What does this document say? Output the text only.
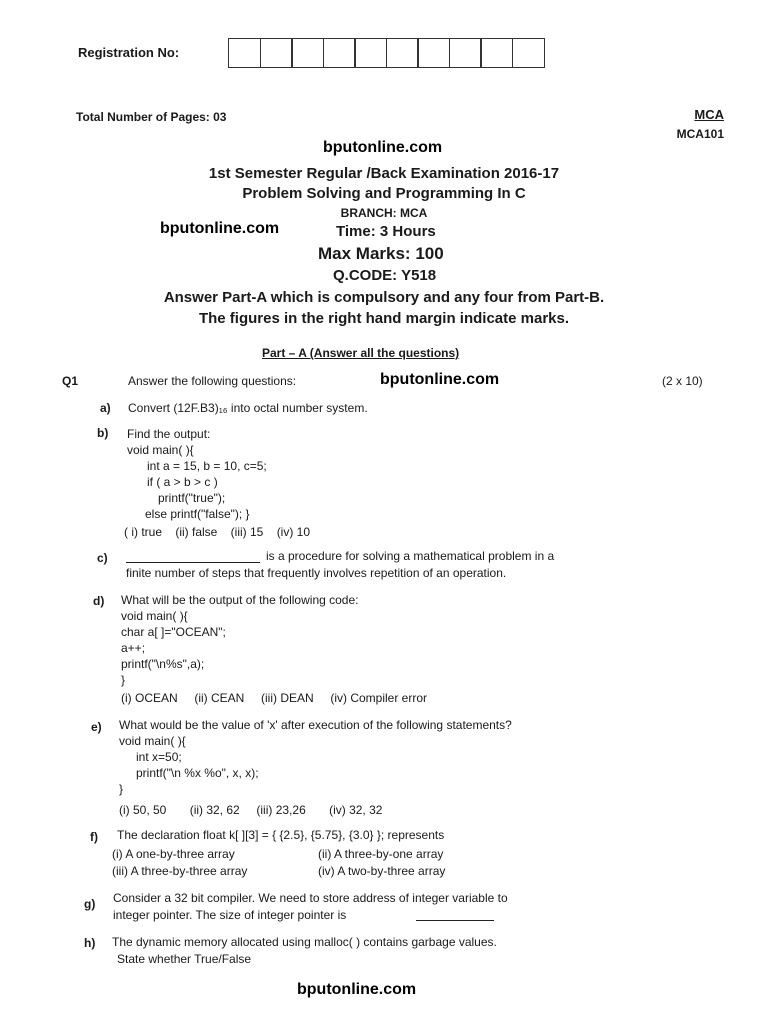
Registration No:
Total Number of Pages: 03	MCA
MCA101
bputonline.com
1st Semester Regular /Back Examination 2016-17
Problem Solving and Programming In C
BRANCH: MCA
bputonline.com	Time: 3 Hours
Max Marks: 100
Q.CODE: Y518
Answer Part-A which is compulsory and any four from Part-B.
The figures in the right hand margin indicate marks.
Part – A (Answer all the questions)
Q1	Answer the following questions:	bputonline.com	(2 x 10)
a) Convert (12F.B3)₁₆ into octal number system.
b) Find the output:
void main( ){
int a = 15, b = 10, c=5;
if ( a > b > c )
printf("true");
else printf("false"); }
( i) true    (ii) false    (iii) 15    (iv) 10
c)	is a procedure for solving a mathematical problem in a
finite number of steps that frequently involves repetition of an operation.
d) What will be the output of the following code:
void main( ){
char a[ ]="OCEAN";
a++;
printf("\n%s",a);
}
(i) OCEAN     (ii) CEAN     (iii) DEAN     (iv) Compiler error
e) What would be the value of 'x' after execution of the following statements?
void main( ){
int x=50;
printf("\n %x %o", x, x);
}
(i) 50, 50       (ii) 32, 62     (iii) 23,26       (iv) 32, 32
f) The declaration float k[ ][3] = { {2.5}, {5.75}, {3.0} }; represents
(i) A one-by-three array	(ii) A three-by-one array
(iii) A three-by-three array	(iv) A two-by-three array
g) Consider a 32 bit compiler. We need to store address of integer variable to
integer pointer. The size of integer pointer is
h) The dynamic memory allocated using malloc( ) contains garbage values.
State whether True/False
bputonline.com
